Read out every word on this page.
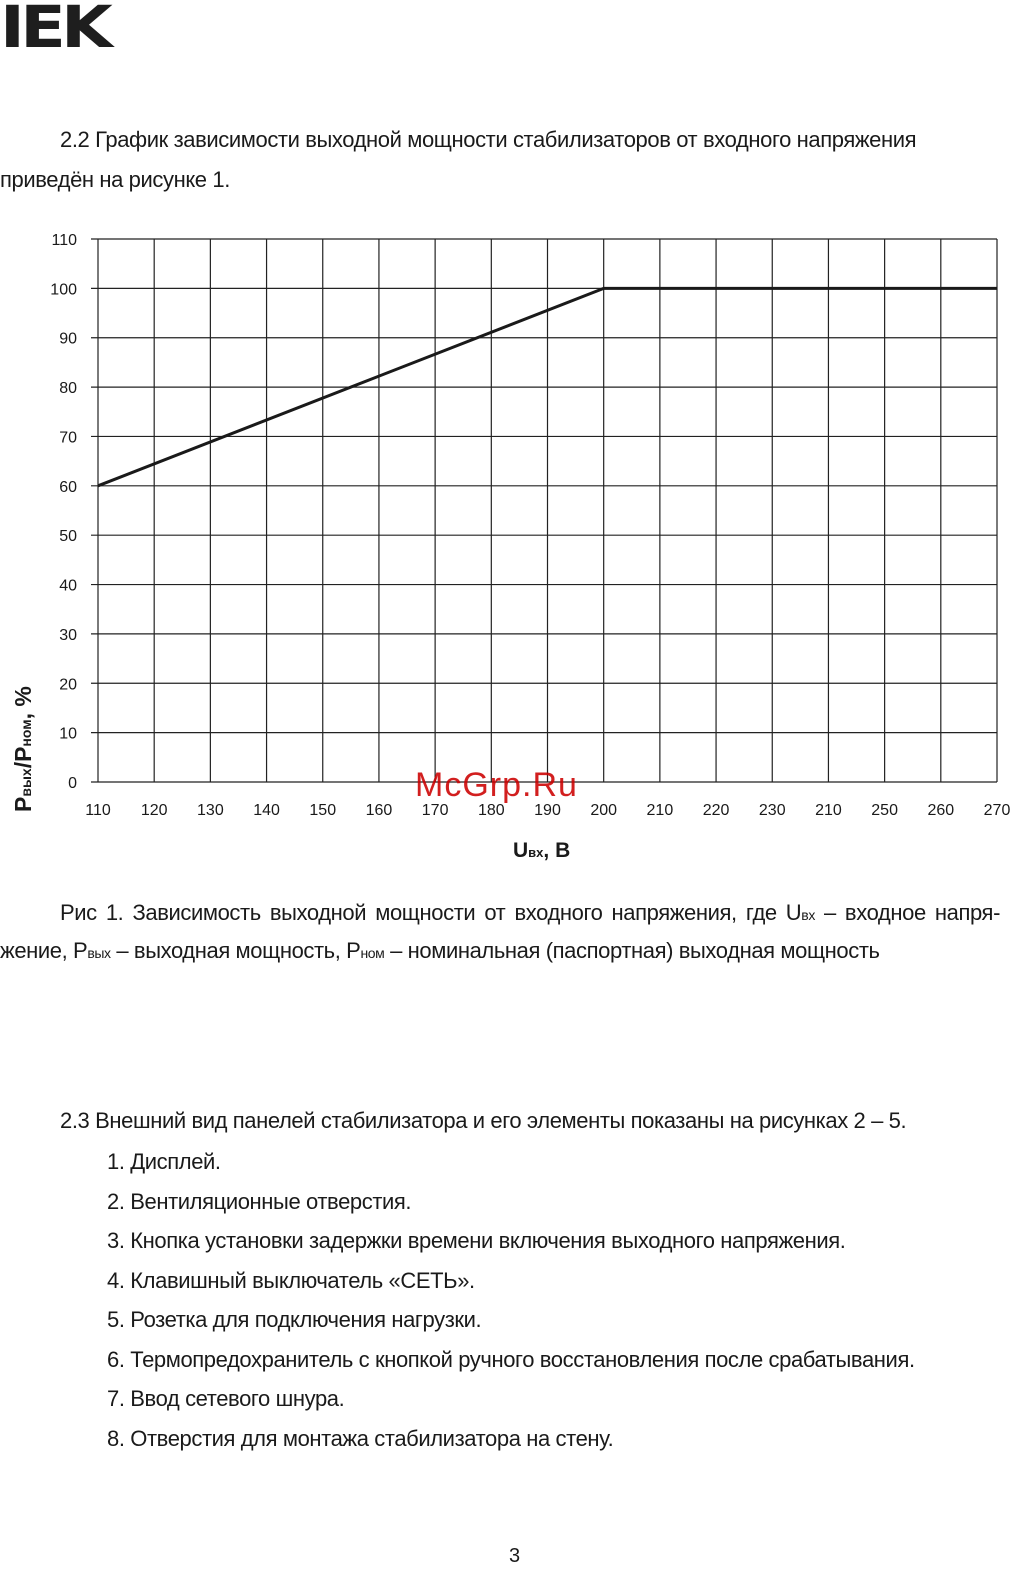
IEK

2.2 График зависимости выходной мощности стабилизаторов от входного напряжения приведён на рисунке 1.

0
10
20
30
40
50
60
70
80
90
100
110
110 120 130 140 150 160 170 180 190 200 210 220 230 210 250 260 270
Pвых/Pном, %
Uвх, В
McGrp.Ru

Рис 1. Зависимость выходной мощности от входного напряжения, где Uвх – входное напря-жение, Pвых – выходная мощность, Pном – номинальная (паспортная) выходная мощность

2.3 Внешний вид панелей стабилизатора и его элементы показаны на рисунках 2 – 5.

1. Дисплей.
2. Вентиляционные отверстия.
3. Кнопка установки задержки времени включения выходного напряжения.
4. Клавишный выключатель «СЕТЬ».
5. Розетка для подключения нагрузки.
6. Термопредохранитель с кнопкой ручного восстановления после срабатывания.
7. Ввод сетевого шнура.
8. Отверстия для монтажа стабилизатора на стену.
3
